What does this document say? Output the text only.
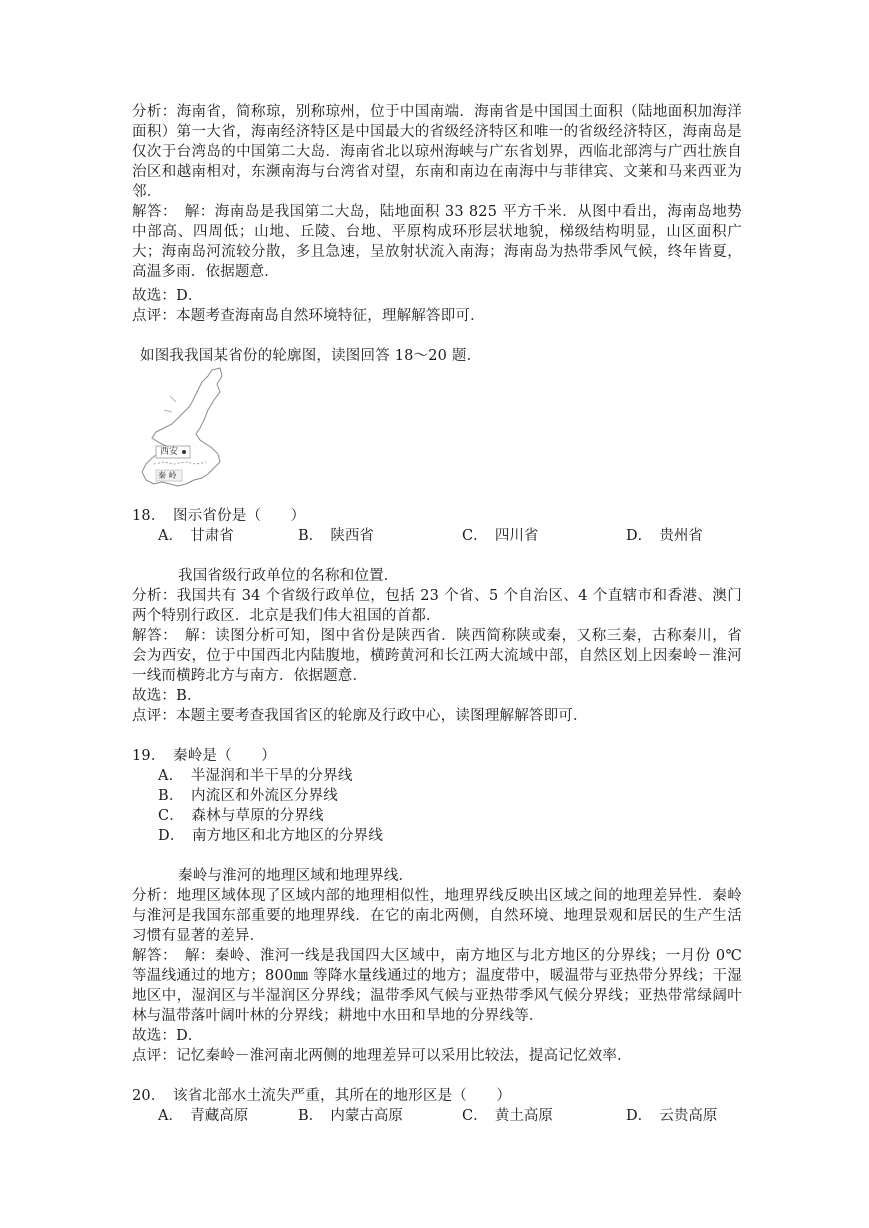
分析：海南省，简称琼，别称琼州，位于中国南端．海南省是中国国土面积（陆地面积加海洋面积）第一大省，海南经济特区是中国最大的省级经济特区和唯一的省级经济特区，海南岛是仅次于台湾岛的中国第二大岛．海南省北以琼州海峡与广东省划界，西临北部湾与广西壮族自治区和越南相对，东濒南海与台湾省对望，东南和南边在南海中与菲律宾、文莱和马来西亚为邻．

解答：　解：海南岛是我国第二大岛，陆地面积 33 825 平方千米．从图中看出，海南岛地势中部高、四周低；山地、丘陵、台地、平原构成环形层状地貌，梯级结构明显，山区面积广大；海南岛河流较分散，多且急速，呈放射状流入南海；海南岛为热带季风气候，终年皆夏，高温多雨．依据题意．

故选：D．
点评：本题考查海南岛自然环境特征，理解解答即可．
如图我我国某省份的轮廓图，读图回答 18～20 题．
西安
秦 岭
18．　图示省份是（　　）
A．　甘肃省	B．　陕西省	C．　四川省	D．　贵州省
我国省级行政单位的名称和位置．

分析：我国共有 34 个省级行政单位，包括 23 个省、5 个自治区、4 个直辖市和香港、澳门两个特别行政区．北京是我们伟大祖国的首都．

解答：　解：读图分析可知，图中省份是陕西省．陕西简称陕或秦，又称三秦，古称秦川，省会为西安，位于中国西北内陆腹地，横跨黄河和长江两大流域中部，自然区划上因秦岭－淮河一线而横跨北方与南方．依据题意．

故选：B．
点评：本题主要考查我国省区的轮廓及行政中心，读图理解解答即可．
19．　秦岭是（　　）
A．　半湿润和半干旱的分界线
B．　内流区和外流区分界线
C．　森林与草原的分界线
D．　南方地区和北方地区的分界线
秦岭与淮河的地理区域和地理界线．

分析：地理区域体现了区域内部的地理相似性，地理界线反映出区域之间的地理差异性．秦岭与淮河是我国东部重要的地理界线．在它的南北两侧，自然环境、地理景观和居民的生产生活习惯有显著的差异．

解答：　解：秦岭、淮河一线是我国四大区域中，南方地区与北方地区的分界线；一月份 0℃等温线通过的地方；800㎜ 等降水量线通过的地方；温度带中，暖温带与亚热带分界线；干湿地区中，湿润区与半湿润区分界线；温带季风气候与亚热带季风气候分界线；亚热带常绿阔叶林与温带落叶阔叶林的分界线；耕地中水田和旱地的分界线等．

故选：D．
点评：记忆秦岭－淮河南北两侧的地理差异可以采用比较法，提高记忆效率．
20．　该省北部水土流失严重，其所在的地形区是（　　）
A．　青藏高原	B．　内蒙古高原	C．　黄土高原	D．　云贵高原
